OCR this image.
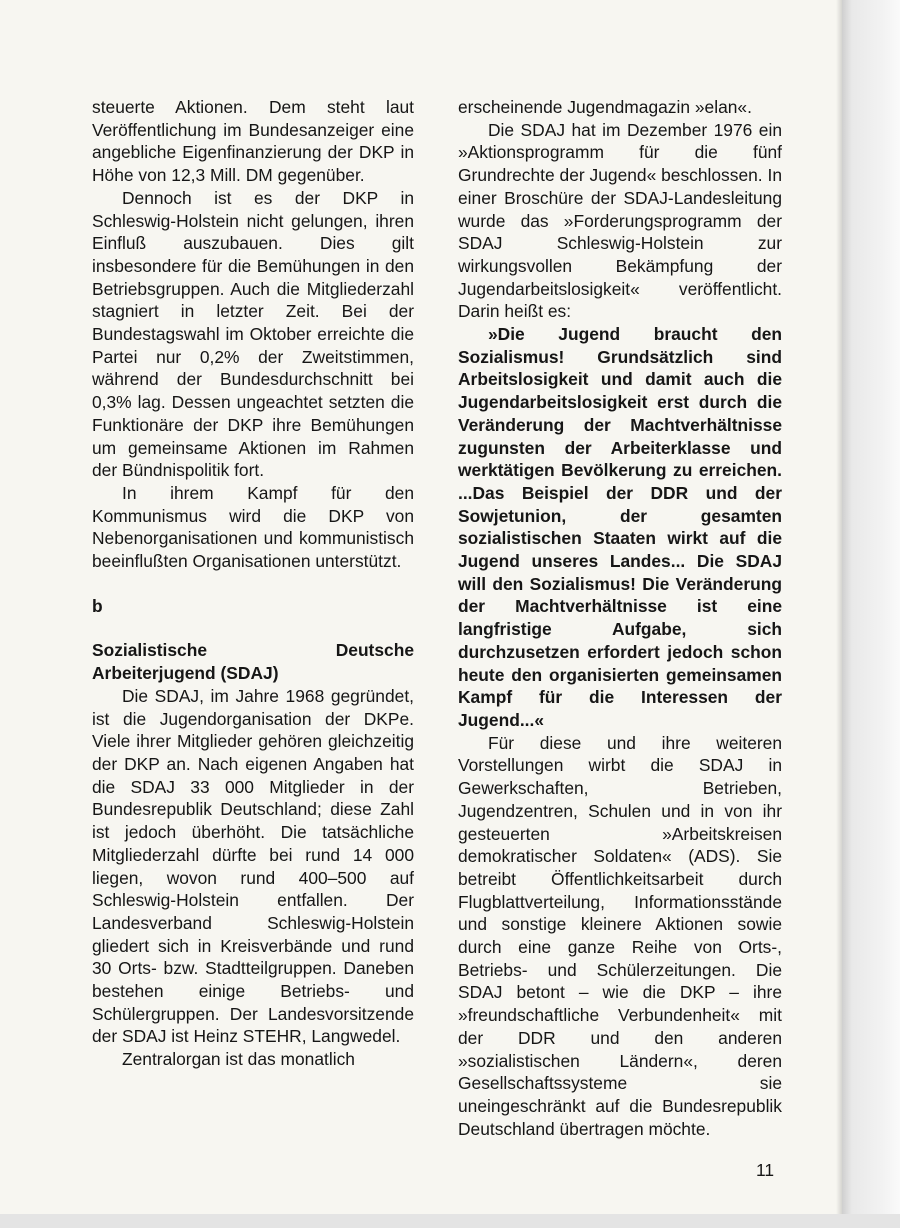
steuerte Aktionen. Dem steht laut Veröffentlichung im Bundesanzeiger eine angebliche Eigenfinanzierung der DKP in Höhe von 12,3 Mill. DM gegenüber.

Dennoch ist es der DKP in Schleswig-Holstein nicht gelungen, ihren Einfluß auszubauen. Dies gilt insbesondere für die Bemühungen in den Betriebsgruppen. Auch die Mitgliederzahl stagniert in letzter Zeit. Bei der Bundestagswahl im Oktober erreichte die Partei nur 0,2% der Zweitstimmen, während der Bundesdurchschnitt bei 0,3% lag. Dessen ungeachtet setzten die Funktionäre der DKP ihre Bemühungen um gemeinsame Aktionen im Rahmen der Bündnispolitik fort.

In ihrem Kampf für den Kommunismus wird die DKP von Nebenorganisationen und kommunistisch beeinflußten Organisationen unterstützt.

b

Sozialistische Deutsche Arbeiterjugend (SDAJ)

Die SDAJ, im Jahre 1968 gegründet, ist die Jugendorganisation der DKPe. Viele ihrer Mitglieder gehören gleichzeitig der DKP an. Nach eigenen Angaben hat die SDAJ 33 000 Mitglieder in der Bundesrepublik Deutschland; diese Zahl ist jedoch überhöht. Die tatsächliche Mitgliederzahl dürfte bei rund 14 000 liegen, wovon rund 400–500 auf Schleswig-Holstein entfallen. Der Landesverband Schleswig-Holstein gliedert sich in Kreisverbände und rund 30 Orts- bzw. Stadtteilgruppen. Daneben bestehen einige Betriebs- und Schülergruppen. Der Landesvorsitzende der SDAJ ist Heinz STEHR, Langwedel.

Zentralorgan ist das monatlich

erscheinende Jugendmagazin »elan«.

Die SDAJ hat im Dezember 1976 ein »Aktionsprogramm für die fünf Grundrechte der Jugend« beschlossen. In einer Broschüre der SDAJ-Landesleitung wurde das »Forderungsprogramm der SDAJ Schleswig-Holstein zur wirkungsvollen Bekämpfung der Jugendarbeitslosigkeit« veröffentlicht. Darin heißt es:

»Die Jugend braucht den Sozialismus! Grundsätzlich sind Arbeitslosigkeit und damit auch die Jugendarbeitslosigkeit erst durch die Veränderung der Machtverhältnisse zugunsten der Arbeiterklasse und werktätigen Bevölkerung zu erreichen. ...Das Beispiel der DDR und der Sowjetunion, der gesamten sozialistischen Staaten wirkt auf die Jugend unseres Landes... Die SDAJ will den Sozialismus! Die Veränderung der Machtverhältnisse ist eine langfristige Aufgabe, sich durchzusetzen erfordert jedoch schon heute den organisierten gemeinsamen Kampf für die Interessen der Jugend...«

Für diese und ihre weiteren Vorstellungen wirbt die SDAJ in Gewerkschaften, Betrieben, Jugendzentren, Schulen und in von ihr gesteuerten »Arbeitskreisen demokratischer Soldaten« (ADS). Sie betreibt Öffentlichkeitsarbeit durch Flugblattverteilung, Informationsstände und sonstige kleinere Aktionen sowie durch eine ganze Reihe von Orts-, Betriebs- und Schülerzeitungen. Die SDAJ betont – wie die DKP – ihre »freundschaftliche Verbundenheit« mit der DDR und den anderen »sozialistischen Ländern«, deren Gesellschaftssysteme sie uneingeschränkt auf die Bundesrepublik Deutschland übertragen möchte.

11
